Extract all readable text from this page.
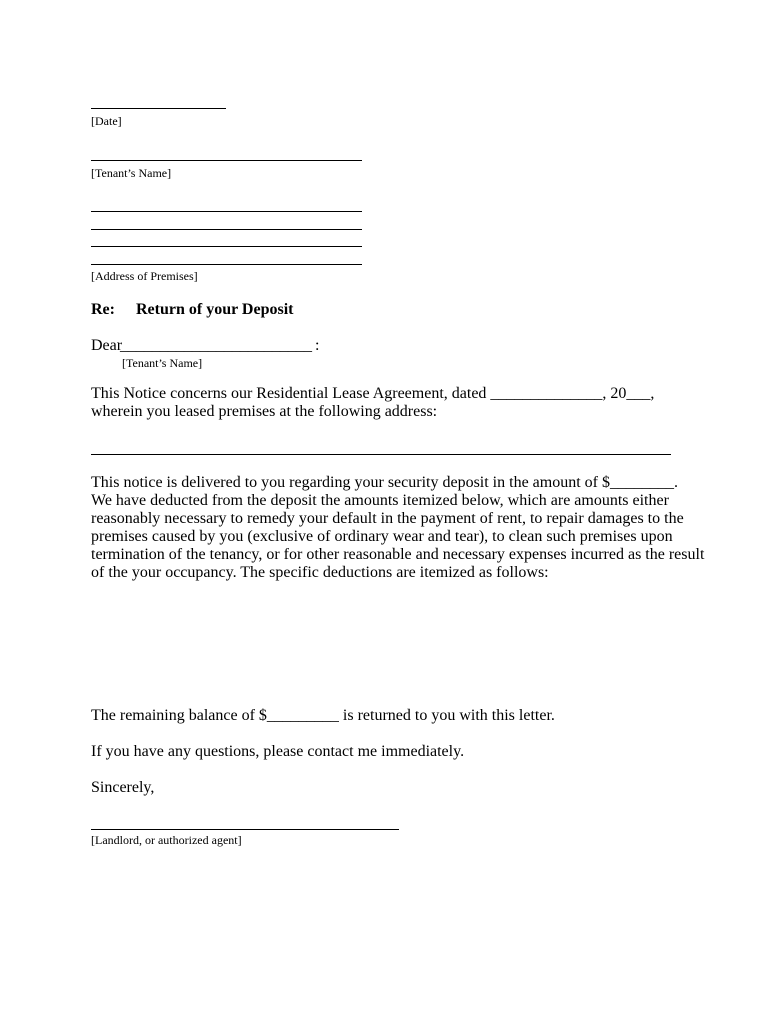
[Date]
[Tenant’s Name]
[Address of Premises]
Re: Return of your Deposit
Dear
________________________ :
[Tenant’s Name]
This Notice concerns our Residential Lease Agreement, dated ______________, 20___,
wherein you leased premises at the following address:
This notice is delivered to you regarding your security deposit in the amount of $________.
We have deducted from the deposit the amounts itemized below, which are amounts either
reasonably necessary to remedy your default in the payment of rent, to repair damages to the
premises caused by you (exclusive of ordinary wear and tear), to clean such premises upon
termination of the tenancy, or for other reasonable and necessary expenses incurred as the result
of the your occupancy. The specific deductions are itemized as follows:
The remaining balance of $_________ is returned to you with this letter.
If you have any questions, please contact me immediately.
Sincerely,
[Landlord, or authorized agent]
